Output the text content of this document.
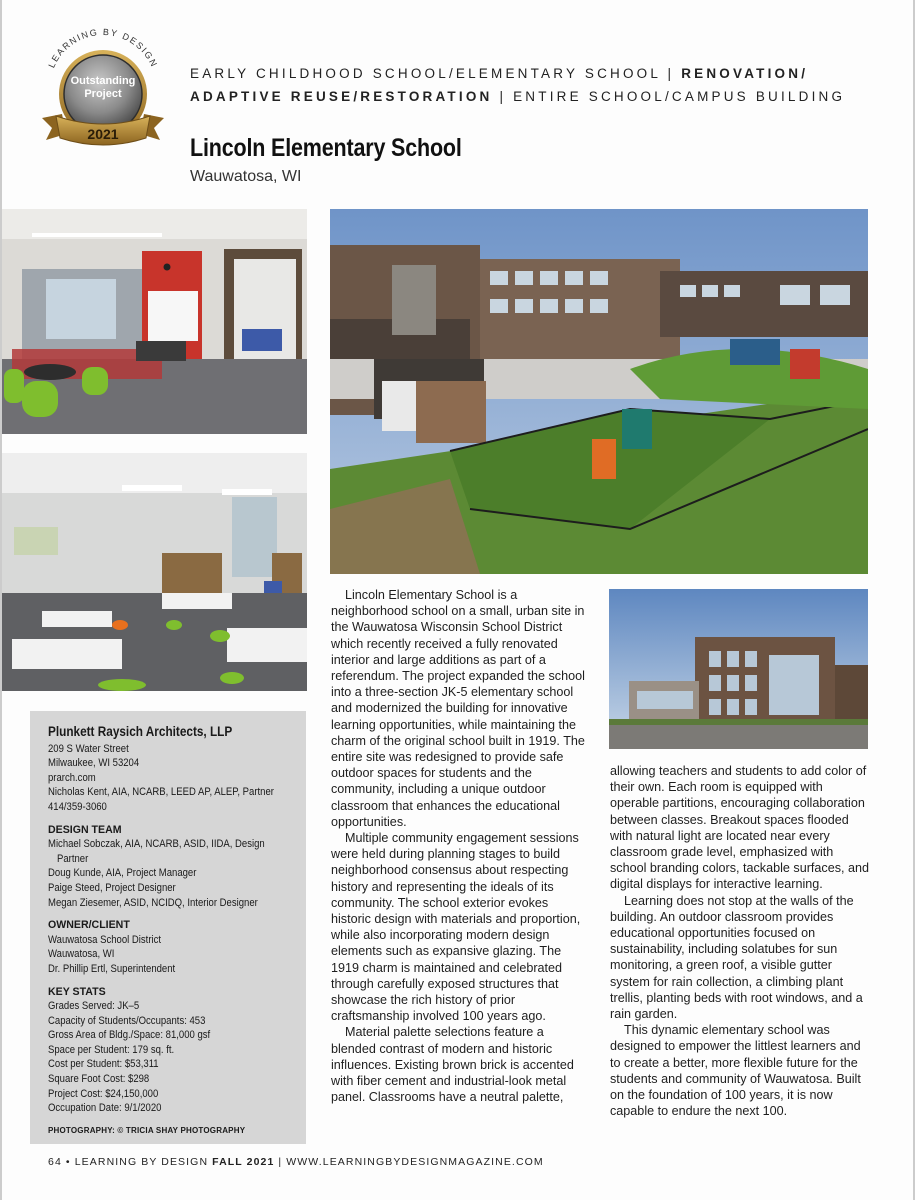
LEARNING BY DESIGN
Outstanding
Project
2021
EARLY CHILDHOOD SCHOOL/ELEMENTARY SCHOOL | RENOVATION/ ADAPTIVE REUSE/RESTORATION | ENTIRE SCHOOL/CAMPUS BUILDING
Lincoln Elementary School
Wauwatosa, WI
Plunkett Raysich Architects, LLP
209 S Water Street
Milwaukee, WI 53204
prarch.com
Nicholas Kent, AIA, NCARB, LEED AP, ALEP, Partner
414/359-3060
DESIGN TEAM
Michael Sobczak, AIA, NCARB, ASID, IIDA, Design
Partner
Doug Kunde, AIA, Project Manager
Paige Steed, Project Designer
Megan Ziesemer, ASID, NCIDQ, Interior Designer
OWNER/CLIENT
Wauwatosa School District
Wauwatosa, WI
Dr. Phillip Ertl, Superintendent
KEY STATS
Grades Served: JK–5
Capacity of Students/Occupants: 453
Gross Area of Bldg./Space: 81,000 gsf
Space per Student: 179 sq. ft.
Cost per Student: $53,311
Square Foot Cost: $298
Project Cost: $24,150,000
Occupation Date: 9/1/2020
PHOTOGRAPHY: © TRICIA SHAY PHOTOGRAPHY

Lincoln Elementary School is a neighborhood school on a small, urban site in the Wauwatosa Wisconsin School District which recently received a fully renovated interior and large additions as part of a referendum. The project expanded the school into a three-section JK-5 elementary school and modernized the building for innovative learning opportunities, while maintaining the charm of the original school built in 1919. The entire site was redesigned to provide safe outdoor spaces for students and the community, including a unique outdoor classroom that enhances the educational opportunities.

Multiple community engagement sessions were held during planning stages to build neighborhood consensus about respecting history and representing the ideals of its community. The school exterior evokes historic design with materials and proportion, while also incorporating modern design elements such as expansive glazing. The 1919 charm is maintained and celebrated through carefully exposed structures that showcase the rich history of prior craftsmanship involved 100 years ago.

Material palette selections feature a blended contrast of modern and historic influences. Existing brown brick is accented with fiber cement and industrial-look metal panel. Classrooms have a neutral palette,

allowing teachers and students to add color of their own. Each room is equipped with operable partitions, encouraging collaboration between classes. Breakout spaces flooded with natural light are located near every classroom grade level, emphasized with school branding colors, tackable surfaces, and digital displays for interactive learning.

Learning does not stop at the walls of the building. An outdoor classroom provides educational opportunities focused on sustainability, including solatubes for sun monitoring, a green roof, a visible gutter system for rain collection, a climbing plant trellis, planting beds with root windows, and a rain garden.

This dynamic elementary school was designed to empower the littlest learners and to create a better, more flexible future for the students and community of Wauwatosa. Built on the foundation of 100 years, it is now capable to endure the next 100.

64 • LEARNING BY DESIGN FALL 2021 | WWW.LEARNINGBYDESIGNMAGAZINE.COM
